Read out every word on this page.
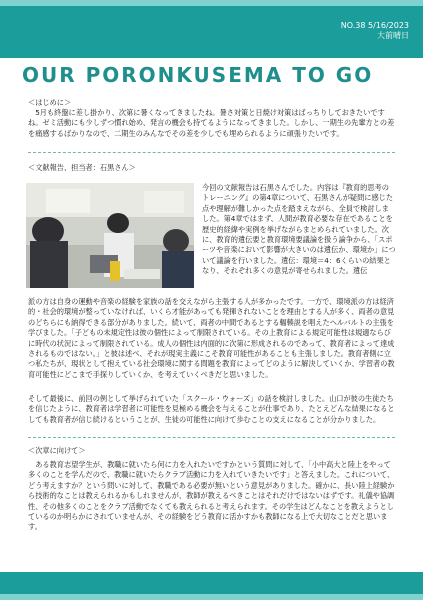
NO.38 5/16/2023
大前晴日
OUR PORONKUSEMA TO GO
＜はじめに＞
　5月も終盤に差し掛かり、次第に暑くなってきましたね。暑さ対策と日焼け対策はばっちりしておきたいですね。ゼミ活動にも少しずつ慣れ始め、発言の機会も持てるようになってきました。しかし、一期生の先輩方との差を痛感するばかりなので、二期生のみんなでその差を少しでも埋められるように頑張りたいです。
＜文献報告、担当者：石黒さん＞
今回の文献報告は石黒さんでした。内容は『教育的思考のトレーニング』の第4章について、石黒さんが疑問に感じた点や理解が難しかった点を踏まえながら、全員で検討しました。第4章ではまず、人間が教育必要な存在であることを歴史的経緯や実例を挙げながらまとめられていました。次に、教育的遺伝要と教育環境要議論を扱う論争から、「スポーツや音楽において影響が大きいのは遺伝か、環境か」について議論を行いました。遺伝：環境＝4：6くらいの結果となり、それぞれ多くの意見が寄せられました。遺伝
派の方は自身の運動や音楽の経験を家族の話を交えながら主張する人が多かったです。一方で、環境派の方は経済的・社会的環境が整っていなければ、いくら才能があっても発揮されないことを理由とする人が多く、両者の意見のどちらにも納得できる部分がありました。続いて、両者の中間であるとする輻輳説を唱えたヘルバルトの主張を学びました。「子どもの未規定性は彼の個性によって制限されている。その上教育による規定可能性は規適ならびに時代の状況によって制限されている。成人の個性は内面的に次第に形成されるのであって、教育者によって達成されるものではない。」と彼は述べ、それが現実主義にこそ教育可能性があることも主張しました。教育者側に立つ私たちが、現状として抱えている社会環境に関する問題を教育によってどのように解決していくか、学習者の教育可能性にどこまで手探りしていくか、を考えていくべきだと思いました。
そして最後に、前回の例として挙げられていた「スクール・ウォーズ」の話を検討しました。山口が彼の生徒たちを信じたように、教育者は学習者に可能性を見極める機会を与えることが仕事であり、たとえどんな結果になるとしても教育者が信じ続けるということが、生徒の可能性に向けて歩むことの支えになることが分かりました。
＜次章に向けて＞
　ある教育志望学生が、教職に就いたら何に力を入れたいですかという質問に対して、「小中高大と陸上をやって多くのことを学んだので、教職に就いたらクラブ活動に力を入れていきたいです」と答えました。これについて、どう考えますか？という問いに対して、教職である必要が無いという意見がありました。確かに、長い陸上経験から技術的なことは教えられるかもしれませんが、教師が教えるべきことはそれだけではないはずです。礼儀や協調性、その他多くのことをクラブ活動でなくても教えられると考えられます。その学生はどんなことを教えようとしているのか明らかにされていませんが、その経験をどう教育に活かすかも教師になる上で大切なことだと思います。
